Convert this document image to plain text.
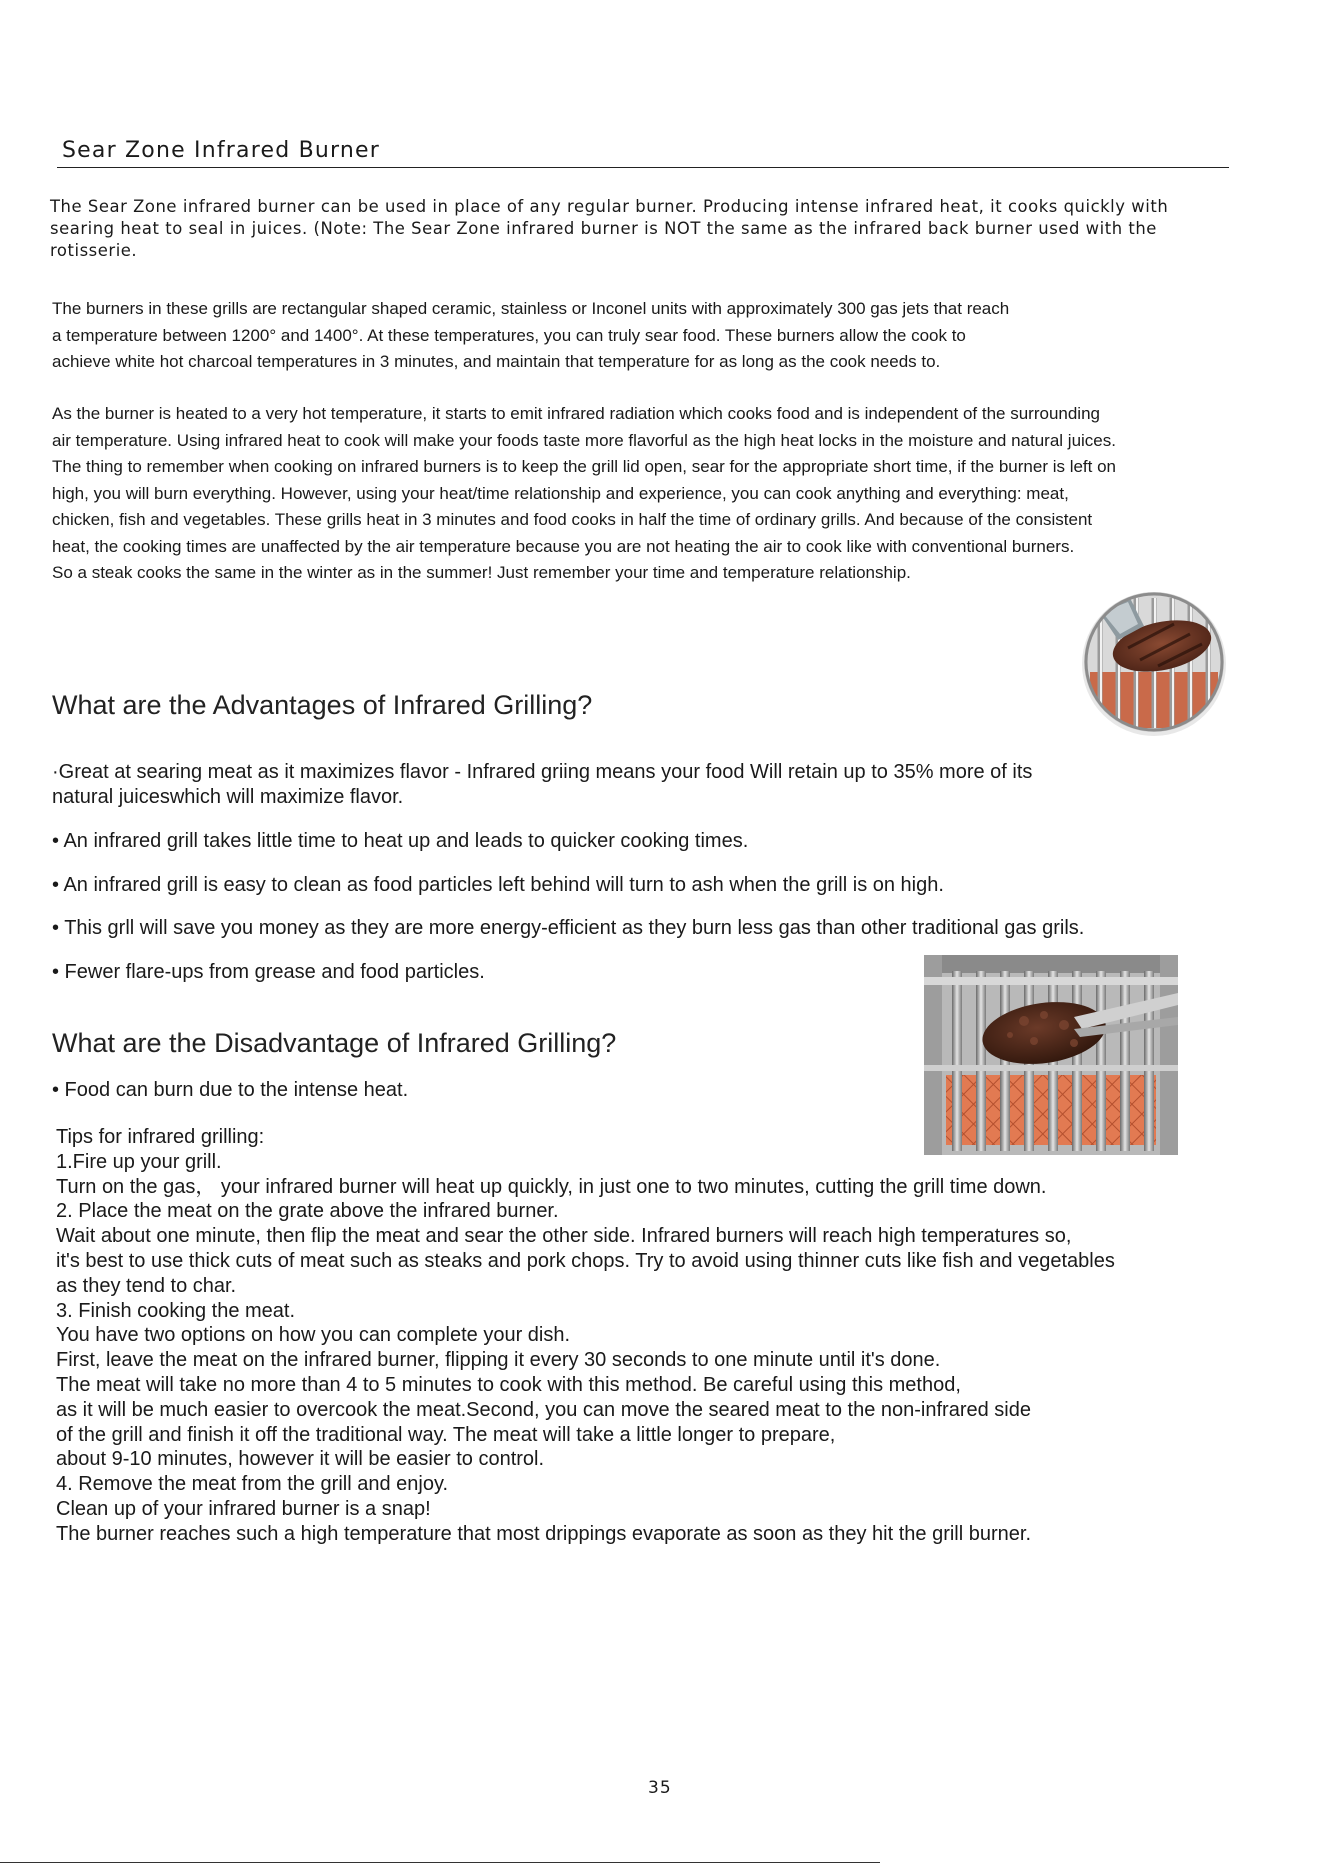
Sear Zone Infrared Burner
The Sear Zone infrared burner can be used in place of any regular burner. Producing intense infrared heat, it cooks quickly with
searing heat to seal in juices. (Note: The Sear Zone infrared burner is NOT the same as the infrared back burner used with the
rotisserie.
The burners in these grills are rectangular shaped ceramic, stainless or Inconel units with approximately 300 gas jets that reach
a temperature between 1200° and 1400°. At these temperatures, you can truly sear food. These burners allow the cook to
achieve white hot charcoal temperatures in 3 minutes, and maintain that temperature for as long as the cook needs to.
As the burner is heated to a very hot temperature, it starts to emit infrared radiation which cooks food and is independent of the surrounding
air temperature. Using infrared heat to cook will make your foods taste more flavorful as the high heat locks in the moisture and natural juices.
The thing to remember when cooking on infrared burners is to keep the grill lid open, sear for the appropriate short time, if the burner is left on
high, you will burn everything. However, using your heat/time relationship and experience, you can cook anything and everything: meat,
chicken, fish and vegetables. These grills heat in 3 minutes and food cooks in half the time of ordinary grills. And because of the consistent
heat, the cooking times are unaffected by the air temperature because you are not heating the air to cook like with conventional burners.
So a steak cooks the same in the winter as in the summer! Just remember your time and temperature relationship.
What are the Advantages of Infrared Grilling?
·Great at searing meat as it maximizes flavor - Infrared griing means your food Will retain up to 35% more of its
natural juiceswhich will maximize flavor.
• An infrared grill takes little time to heat up and leads to quicker cooking times.
• An infrared grill is easy to clean as food particles left behind will turn to ash when the grill is on high.
• This grll will save you money as they are more energy-efficient as they burn less gas than other traditional gas grils.
• Fewer flare-ups from grease and food particles.
What are the Disadvantage of Infrared Grilling?
• Food can burn due to the intense heat.
Tips for infrared grilling:
1.Fire up your grill.
Turn on the gas， your infrared burner will heat up quickly, in just one to two minutes, cutting the grill time down.
2. Place the meat on the grate above the infrared burner.
Wait about one minute, then flip the meat and sear the other side. Infrared burners will reach high temperatures so,
it's best to use thick cuts of meat such as steaks and pork chops. Try to avoid using thinner cuts like fish and vegetables
as they tend to char.
3. Finish cooking the meat.
You have two options on how you can complete your dish.
First, leave the meat on the infrared burner, flipping it every 30 seconds to one minute until it's done.
The meat will take no more than 4 to 5 minutes to cook with this method. Be careful using this method,
as it will be much easier to overcook the meat.Second, you can move the seared meat to the non-infrared side
of the grill and finish it off the traditional way. The meat will take a little longer to prepare,
about 9-10 minutes, however it will be easier to control.
4. Remove the meat from the grill and enjoy.
Clean up of your infrared burner is a snap!
The burner reaches such a high temperature that most drippings evaporate as soon as they hit the grill burner.
35
